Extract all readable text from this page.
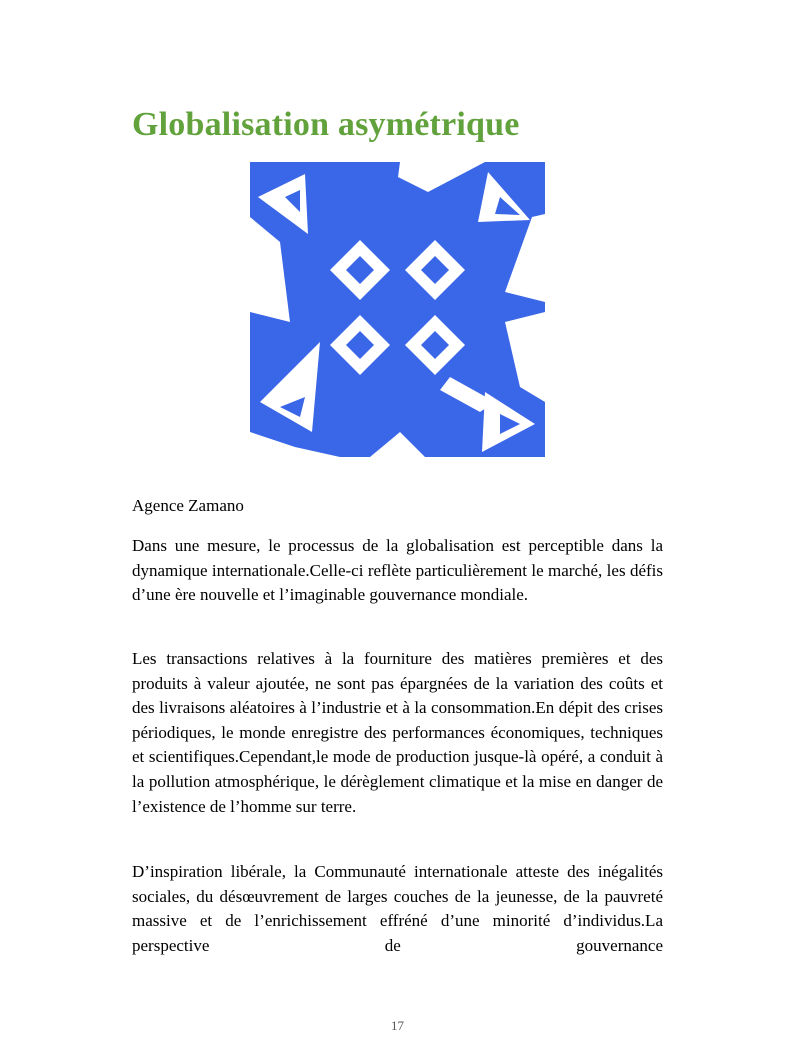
Globalisation asymétrique

Agence Zamano

Dans une mesure, le processus de la globalisation est perceptible dans la dynamique internationale.Celle-ci reflète particulièrement le marché, les défis d’une ère nouvelle et l’imaginable gouvernance mondiale.

Les transactions relatives à la fourniture des matières premières et des produits à valeur ajoutée, ne sont pas épargnées de la variation des coûts et des livraisons aléatoires à l’industrie et à la consommation.En dépit des crises périodiques, le monde enregistre des performances économiques, techniques et scientifiques.Cependant,le mode de production jusque-là opéré, a conduit à la pollution atmosphérique, le dérèglement climatique et la mise en danger de l’existence de l’homme sur terre.

D’inspiration libérale, la Communauté internationale atteste des inégalités sociales, du désœuvrement de larges couches de la jeunesse, de la pauvreté massive et de l’enrichissement effréné d’une minorité d’individus.La perspective de gouvernance

17
